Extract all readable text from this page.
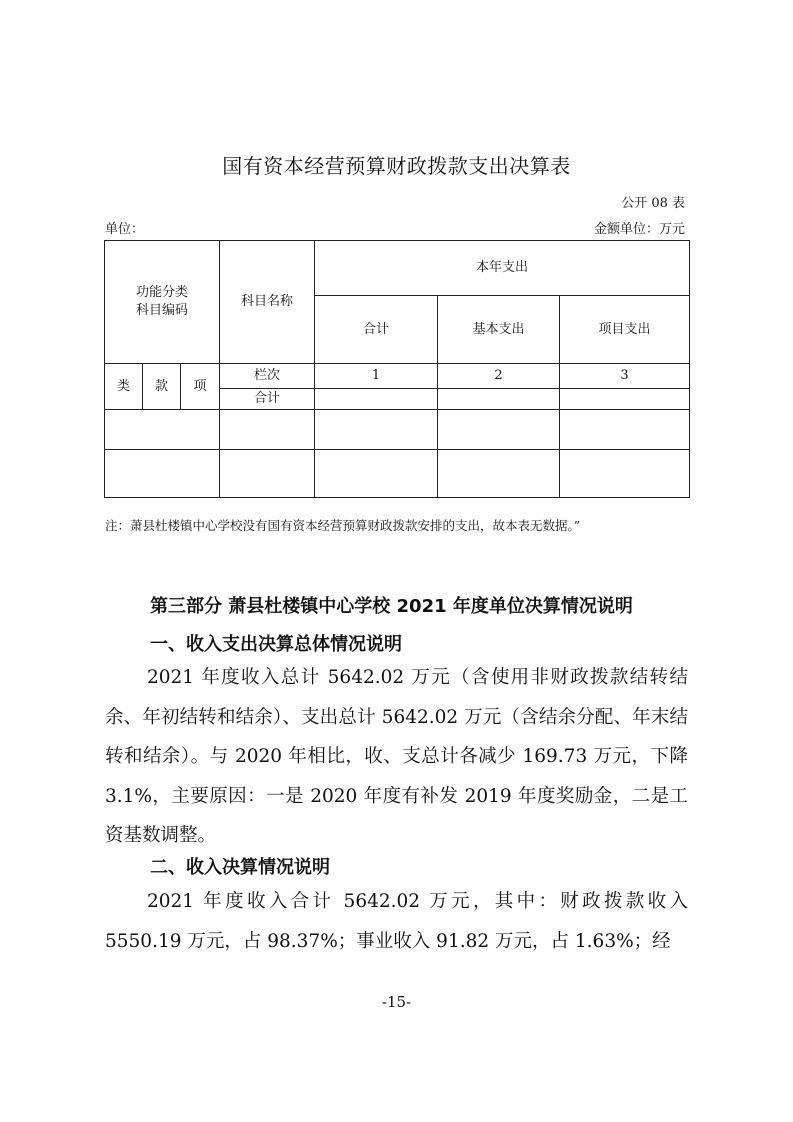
国有资本经营预算财政拨款支出决算表
公开 08 表
单位：	金额单位：万元
功能分类
科目编码			科目名称	本年支出		
				合计	基本支出	项目支出
类	款	项	栏次	1	2	3
			合计			

注：萧县杜楼镇中心学校没有国有资本经营预算财政拨款安排的支出，故本表无数据。”
第三部分 萧县杜楼镇中心学校 2021 年度单位决算情况说明
一、收入支出决算总体情况说明
2021 年度收入总计 5642.02 万元（含使用非财政拨款结转结余、年初结转和结余）、支出总计 5642.02 万元（含结余分配、年末结转和结余）。与 2020 年相比，收、支总计各减少 169.73 万元，下降 3.1%，主要原因：一是 2020 年度有补发 2019 年度奖励金，二是工资基数调整。
二、收入决算情况说明
2021 年度收入合计 5642.02 万元，其中：财政拨款收入 5550.19 万元，占 98.37%；事业收入 91.82 万元，占 1.63%；经
-15-
